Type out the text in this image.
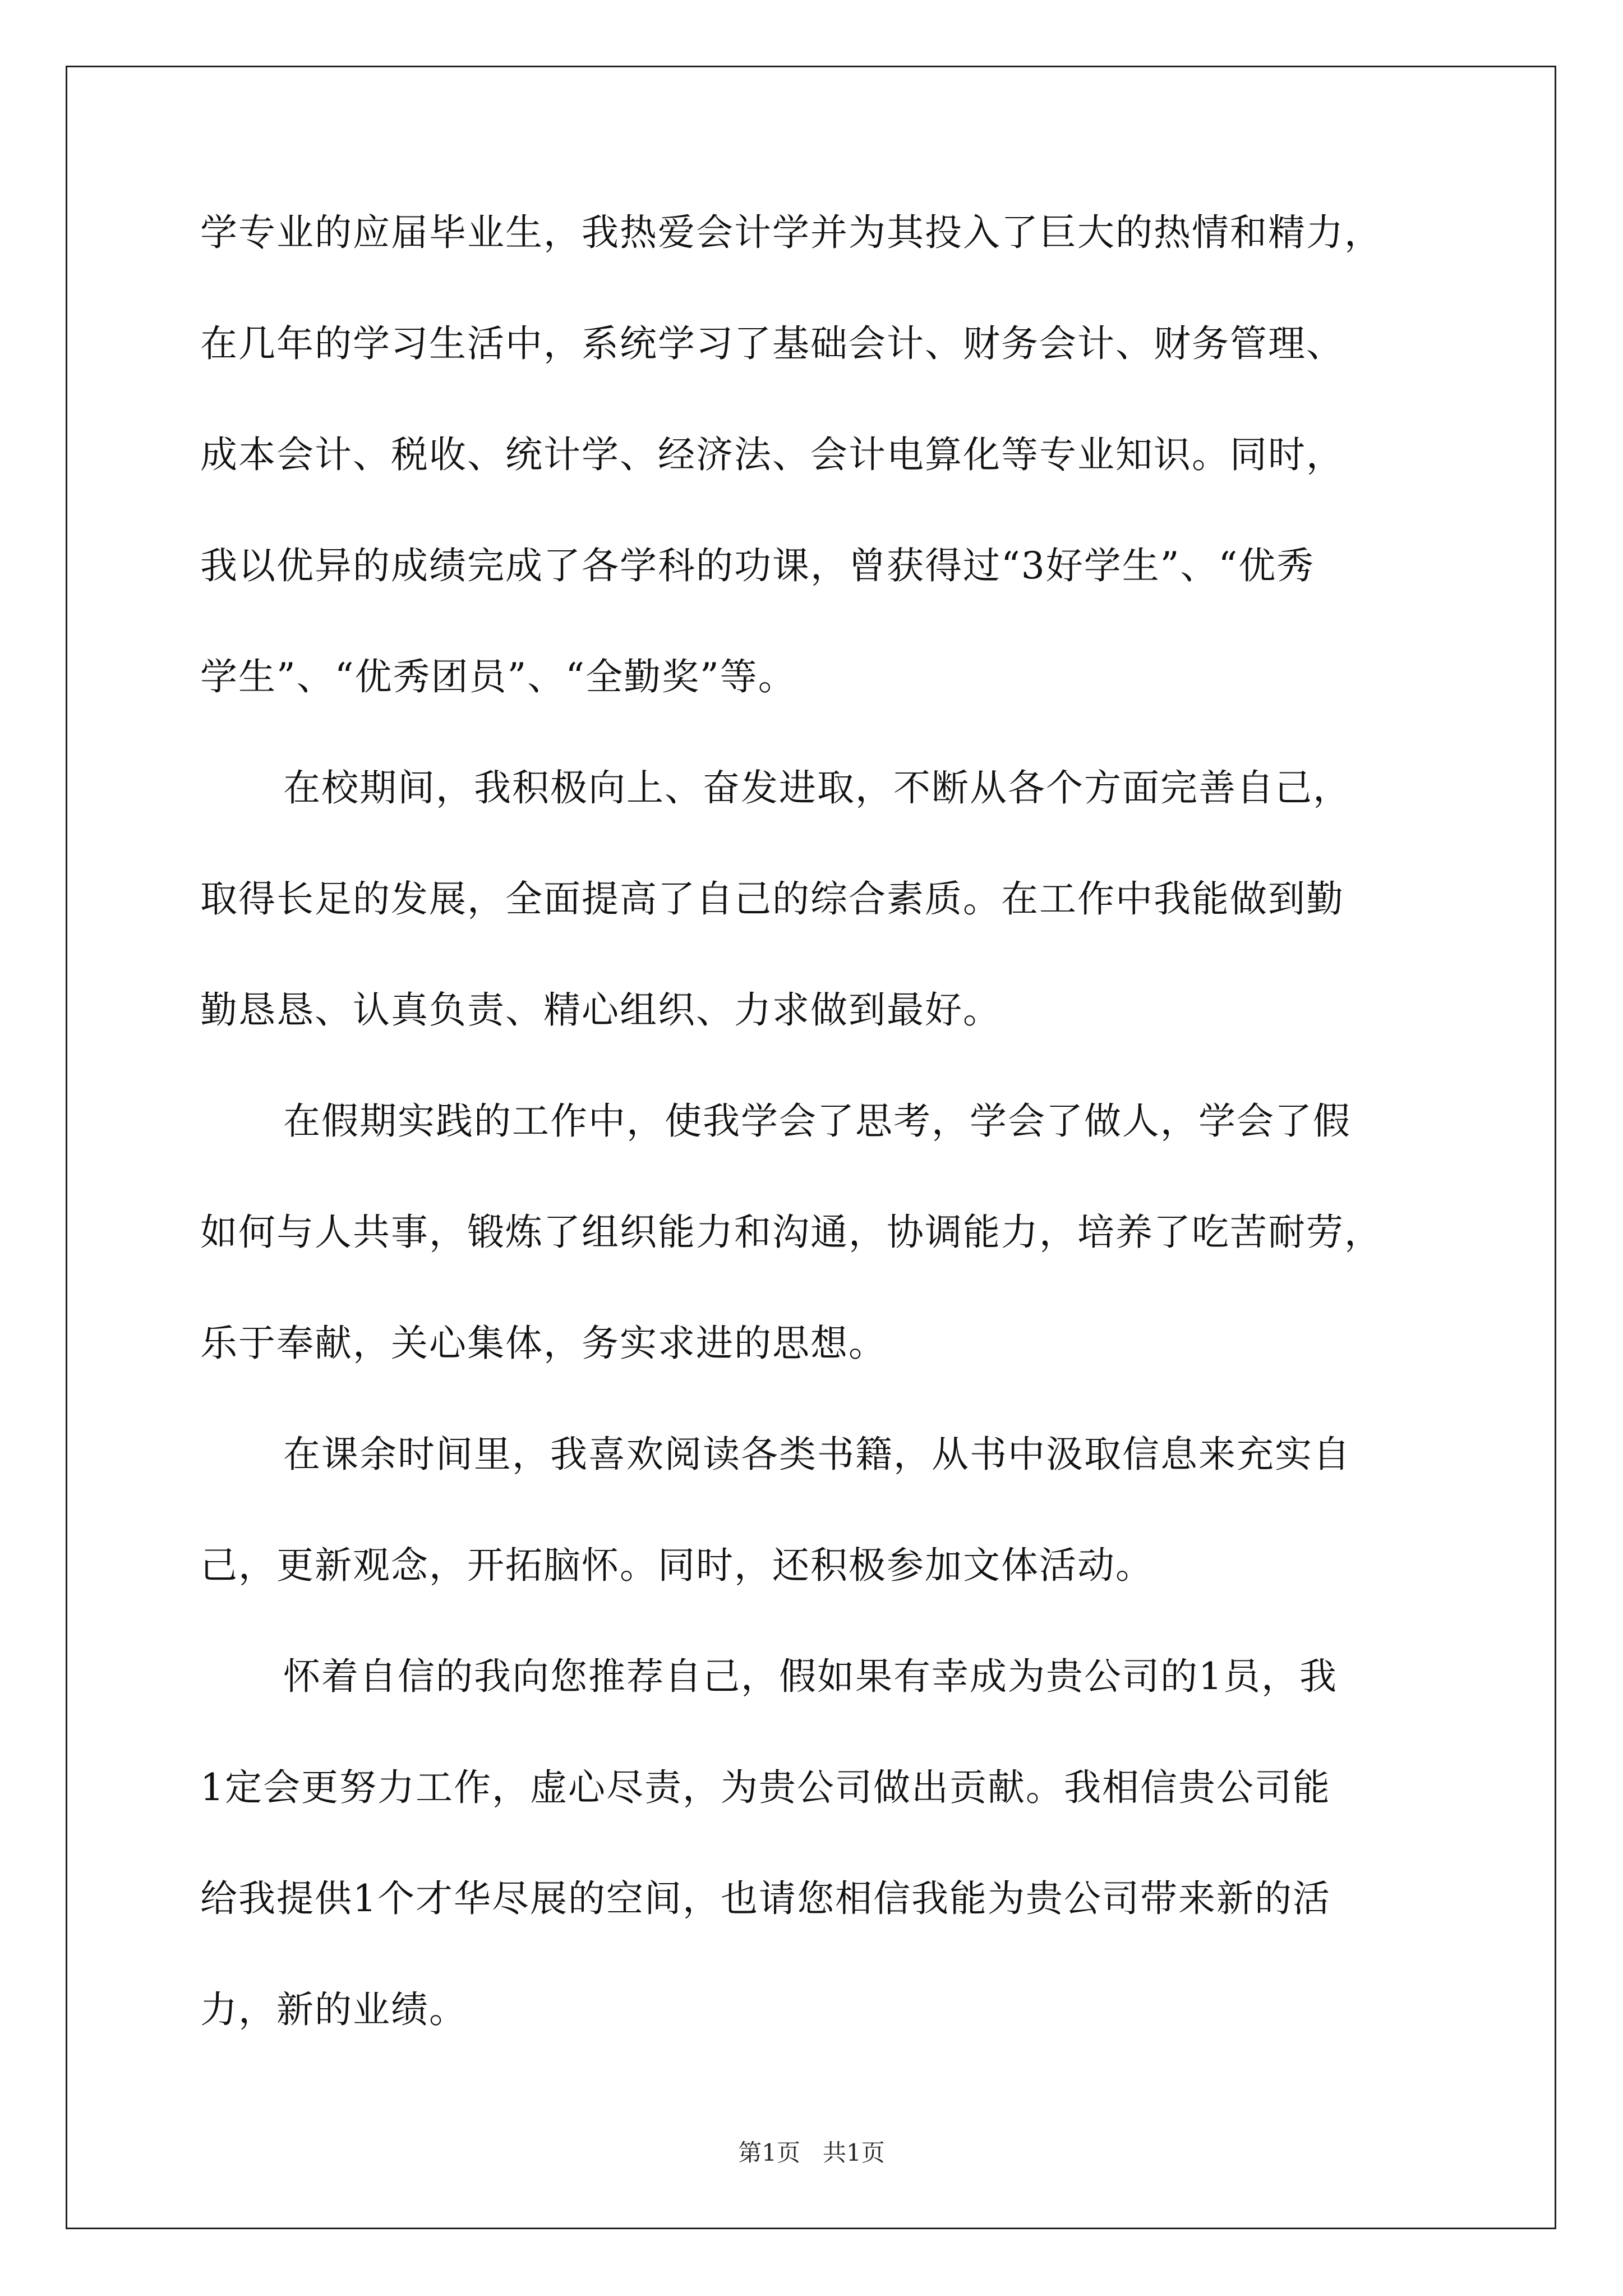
学专业的应届毕业生，我热爱会计学并为其投入了巨大的热情和精力，
在几年的学习生活中，系统学习了基础会计、财务会计、财务管理、
成本会计、税收、统计学、经济法、会计电算化等专业知识。同时，
我以优异的成绩完成了各学科的功课，曾获得过“3好学生”、“优秀
学生”、“优秀团员”、“全勤奖”等。
在校期间，我积极向上、奋发进取，不断从各个方面完善自己，
取得长足的发展，全面提高了自己的综合素质。在工作中我能做到勤
勤恳恳、认真负责、精心组织、力求做到最好。
在假期实践的工作中，使我学会了思考，学会了做人，学会了假
如何与人共事，锻炼了组织能力和沟通，协调能力，培养了吃苦耐劳，
乐于奉献，关心集体，务实求进的思想。
在课余时间里，我喜欢阅读各类书籍，从书中汲取信息来充实自
己，更新观念，开拓脑怀。同时，还积极参加文体活动。
怀着自信的我向您推荐自己，假如果有幸成为贵公司的1员，我
1定会更努力工作，虚心尽责，为贵公司做出贡献。我相信贵公司能
给我提供1个才华尽展的空间，也请您相信我能为贵公司带来新的活
力，新的业绩。
第1页   共1页
